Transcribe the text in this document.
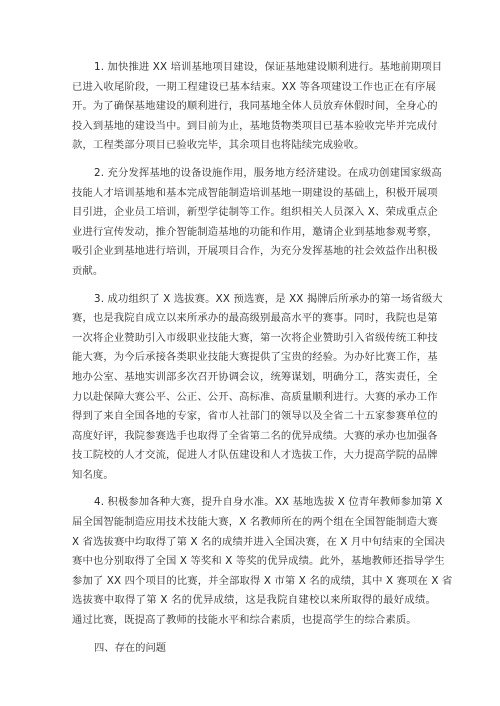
1. 加快推进 XX 培训基地项目建设，保证基地建设顺利进行。基地前期项目
已进入收尾阶段，一期工程建设已基本结束。XX 等各项建设工作也正在有序展
开。为了确保基地建设的顺利进行，我同基地全体人员放弃休假时间，全身心的
投入到基地的建设当中。到目前为止，基地货物类项目已基本验收完毕并完成付
款，工程类部分项目已验收完毕，其余项目也将陆续完成验收。
2. 充分发挥基地的设备设施作用，服务地方经济建设。在成功创建国家级高
技能人才培训基地和基本完成智能制造培训基地一期建设的基础上，积极开展项
目引进，企业员工培训，新型学徒制等工作。组织相关人员深入 X、荣成重点企
业进行宣传发动，推介智能制造基地的功能和作用，邀请企业到基地参观考察，
吸引企业到基地进行培训，开展项目合作，为充分发挥基地的社会效益作出积极
贡献。
3. 成功组织了 X 选拔赛。XX 预选赛，是 XX 揭牌后所承办的第一场省级大
赛，也是我院自成立以来所承办的最高级别最高水平的赛事。同时，我院也是第
一次将企业赞助引入市级职业技能大赛，第一次将企业赞助引入省级传统工种技
能大赛，为今后承接各类职业技能大赛提供了宝贵的经验。为办好比赛工作，基
地办公室、基地实训部多次召开协调会议，统筹谋划，明确分工，落实责任，全
力以赴保障大赛公平、公正、公开、高标准、高质量顺利进行。大赛的承办工作
得到了来自全国各地的专家，省市人社部门的领导以及全省二十五家参赛单位的
高度好评，我院参赛选手也取得了全省第二名的优异成绩。大赛的承办也加强各
技工院校的人才交流，促进人才队伍建设和人才选拔工作，大力提高学院的品牌
知名度。
4. 积极参加各种大赛，提升自身水准。XX 基地选拔 X 位青年教师参加第 X
届全国智能制造应用技术技能大赛，X 名教师所在的两个组在全国智能制造大赛
X 省选拔赛中均取得了第 X 名的成绩并进入全国决赛，在 X 月中旬结束的全国决
赛中也分别取得了全国 X 等奖和 X 等奖的优异成绩。此外，基地教师还指导学生
参加了 XX 四个项目的比赛，并全部取得 X 市第 X 名的成绩，其中 X 赛项在 X 省
选拔赛中取得了第 X 名的优异成绩，这是我院自建校以来所取得的最好成绩。
通过比赛，既提高了教师的技能水平和综合素质，也提高学生的综合素质。
四、存在的问题
